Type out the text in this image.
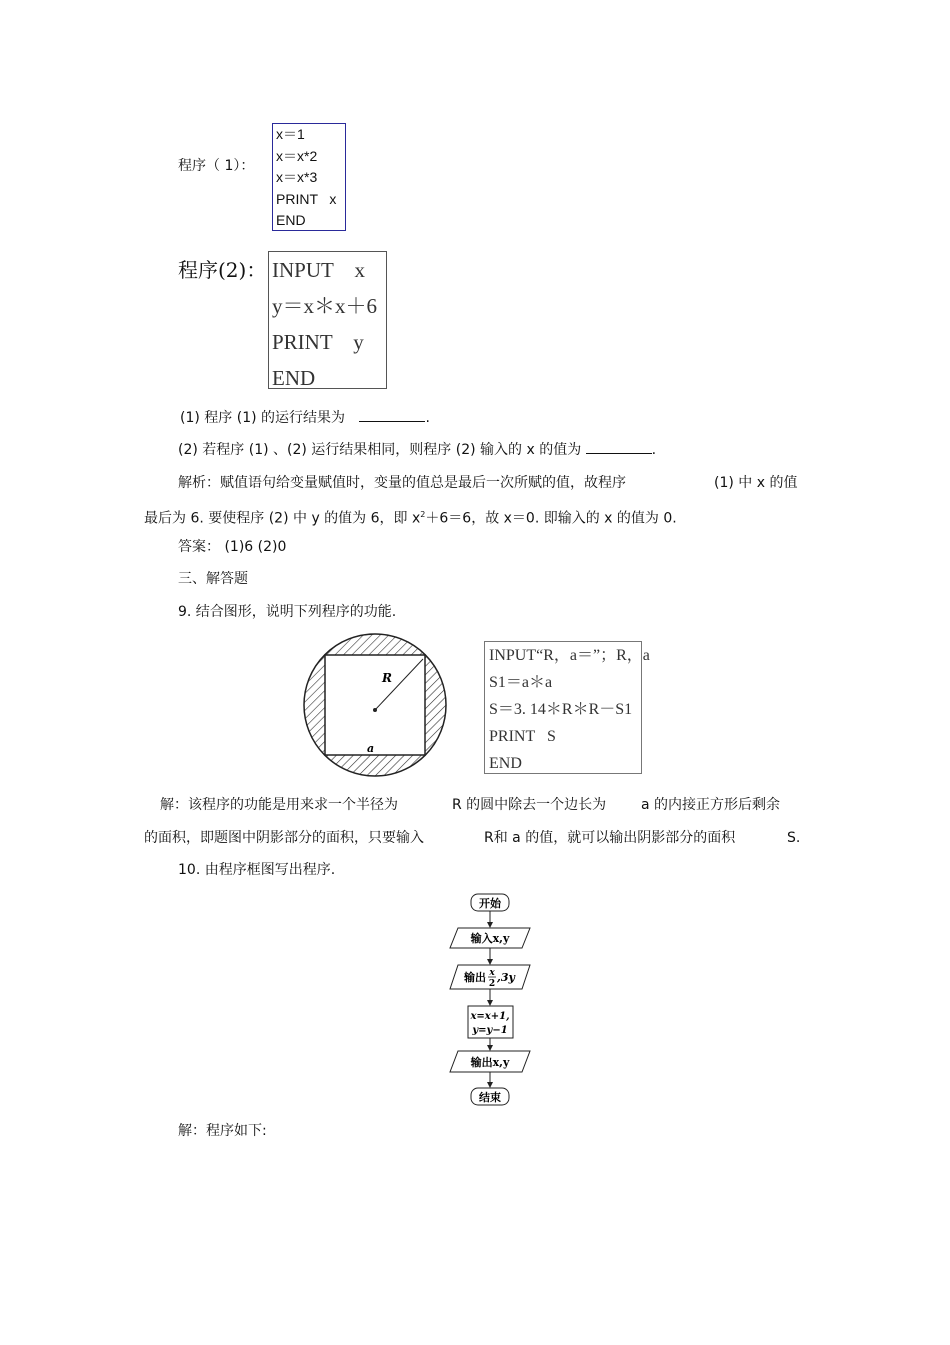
程序（ 1）：
x＝1
x＝x*2
x＝x*3
PRINT   x
END
程序(2)： INPUT    x
y＝x＊x＋6
PRINT    y
END
(1) 程序 (1) 的运行结果为	.
(2) 若程序 (1) 、(2) 运行结果相同，则程序 (2) 输入的 x 的值为	.
解析：赋值语句给变量赋值时，变量的值总是最后一次所赋的值，故程序	(1) 中 x 的值
最后为 6. 要使程序 (2) 中 y 的值为 6，即 $x^2+6=6$，故 x＝0. 即输入的 x 的值为 0.
答案： (1)6 (2)0
三、解答题
9. 结合图形，说明下列程序的功能.
R
a
INPUT“R，a＝”；R，a
S1＝a＊a
S＝3. 14＊R＊R－S1
PRINT   S
END
解：该程序的功能是用来求一个半径为	R 的圆中除去一个边长为 a 的内接正方形后剩余
的面积，即题图中阴影部分的面积，只要输入	R和 a 的值，就可以输出阴影部分的面积	S.
10. 由程序框图写出程序.
开始
输入x,y
输出 x
2 ,3y
x=x+1,
y=y−1
输出x,y
结束
解：程序如下:
